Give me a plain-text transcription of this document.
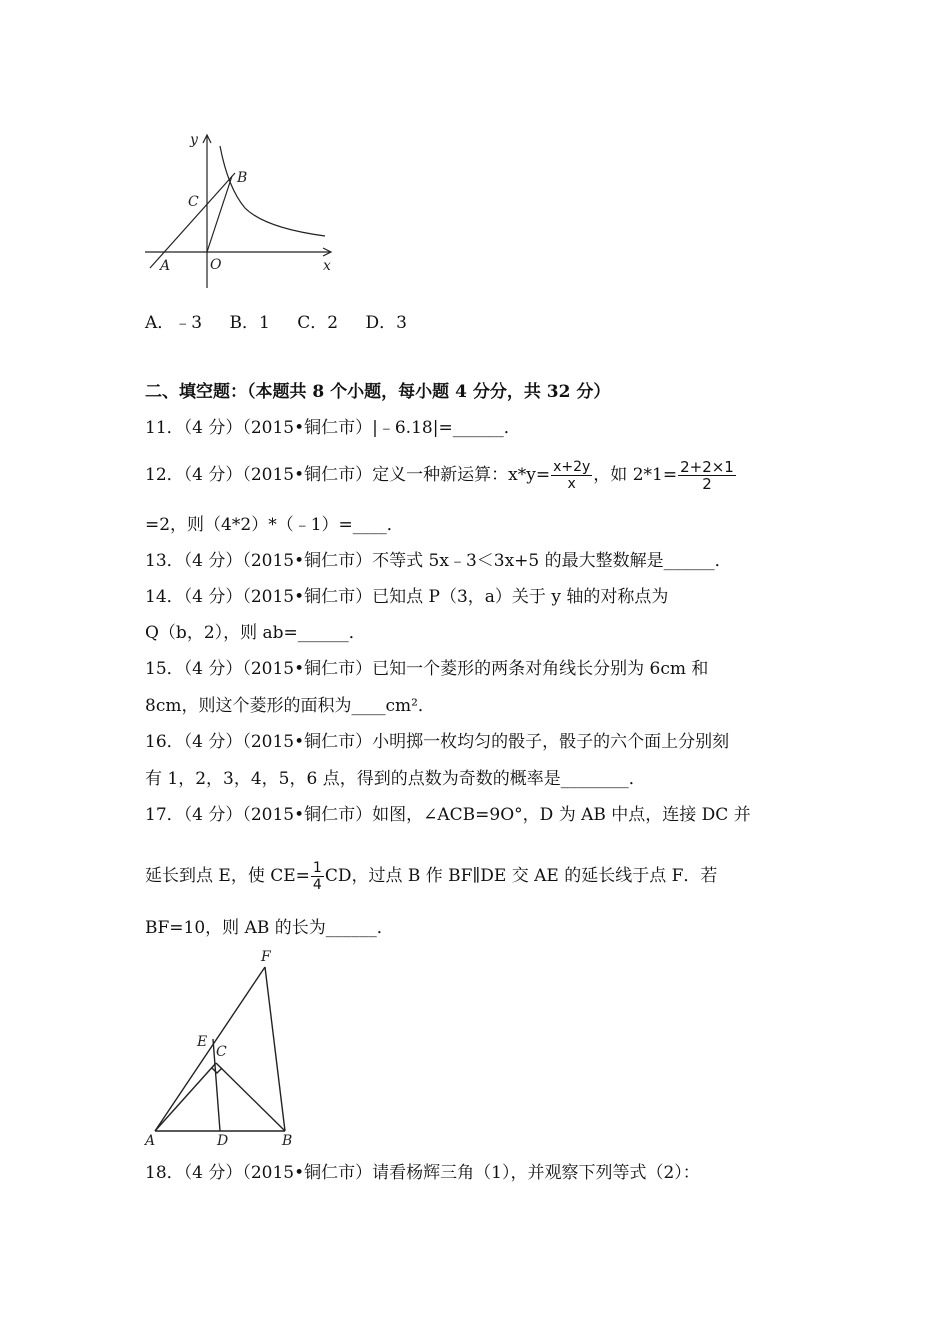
y
C
B
A	O	x
A．﹣3 B．1 C．2 D．3
二、填空题：（本题共 8 个小题，每小题 4 分分，共 32 分）
11．（4 分）（2015•铜仁市）|﹣6.18|=______．
12．（4 分）（2015•铜仁市）定义一种新运算：$x*y= \frac{x+2y}{x}$ ，如 $2*1= \frac{2+2\times 1}{2}$
=2，则（4*2）*（﹣1）=____．
13．（4 分）（2015•铜仁市）不等式 5x﹣3＜3x+5 的最大整数解是______．
14．（4 分）（2015•铜仁市）已知点 P（3，a）关于 y 轴的对称点为
Q（b，2），则 ab=______．
15．（4 分）（2015•铜仁市）已知一个菱形的两条对角线长分别为 6cm 和
8cm，则这个菱形的面积为____cm²．
16．（4 分）（2015•铜仁市）小明掷一枚均匀的骰子，骰子的六个面上分别刻
有 1，2，3，4，5，6 点，得到的点数为奇数的概率是________．
17．（4 分）（2015•铜仁市）如图，∠ACB=9O°，D 为 AB 中点，连接 DC 并
延长到点 E，使 $CE= \frac{1}{4}$ CD，过点 B 作 BF∥DE 交 AE 的延长线于点 F．若
BF=10，则 AB 的长为______．
F
E
C
A	D	B
18．（4 分）（2015•铜仁市）请看杨辉三角（1），并观察下列等式（2）：
